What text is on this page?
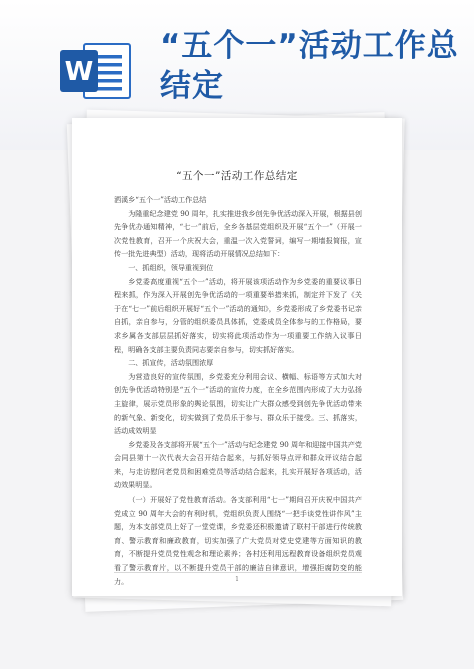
W
“五个一”活动工作总结定
“五个一”活动工作总结定

洒溪乡“五个一”活动工作总结

为隆重纪念建党 90 周年，扎实推进我乡创先争优活动深入开展，根据县创先争优办通知精神，“七一”前后，全乡各基层党组织及开展“五个一”（开展一次党性教育，召开一个庆祝大会，重温一次入党誓词，编写一期墙报简报，宣传一批先进典型）活动，现将活动开展情况总结如下：

一、抓组织，领导重视到位

乡党委高度重视“五个一”活动，将开展该项活动作为乡党委的重要议事日程来抓，作为深入开展创先争优活动的一项重要举措来抓，制定并下发了《关于在“七一”前后组织开展好“五个一”活动的通知》，乡党委形成了乡党委书记亲自抓，亲自参与，分管的组织委员具体抓，党委成员全体参与的工作格局，要求乡属各支部层层抓好落实，切实将此项活动作为一项重要工作纳入议事日程，明确各支部主要负责同志要亲自参与，切实抓好落实。

二、抓宣传，活动氛围浓厚

为营造良好的宣传氛围，乡党委充分利用会议、横幅、标语等方式加大对创先争优活动特别是“五个一”活动的宣传力度，在全乡范围内形成了大力弘扬主旋律，展示党员形象的舆论氛围，切实让广大群众感受到创先争优活动带来的新气象、新变化，切实做到了党员乐于参与、群众乐于接受。三、抓落实，活动成效明显

乡党委及各支部将开展“五个一”活动与纪念建党 90 周年和迎接中国共产党会同县第十一次代表大会召开结合起来，与抓好领导点评和群众评议结合起来，与走访慰问老党员和困难党员等活动结合起来，扎实开展好各项活动，活动效果明显。

（一）开展好了党性教育活动。各支部利用“七一”期间召开庆祝中国共产党成立 90 周年大会的有利时机，党组织负责人围绕“一把手谈党性讲作风”主题，为本支部党员上好了一堂党课，乡党委还积极邀请了联村干部进行传统教育、警示教育和廉政教育，切实加强了广大党员对党史党建等方面知识的教育，不断提升党员党性观念和理论素养；各村还利用远程教育设备组织党员观看了警示教育片，以不断提升党员干部的廉洁自律意识，增强拒腐防变的能力。	1
